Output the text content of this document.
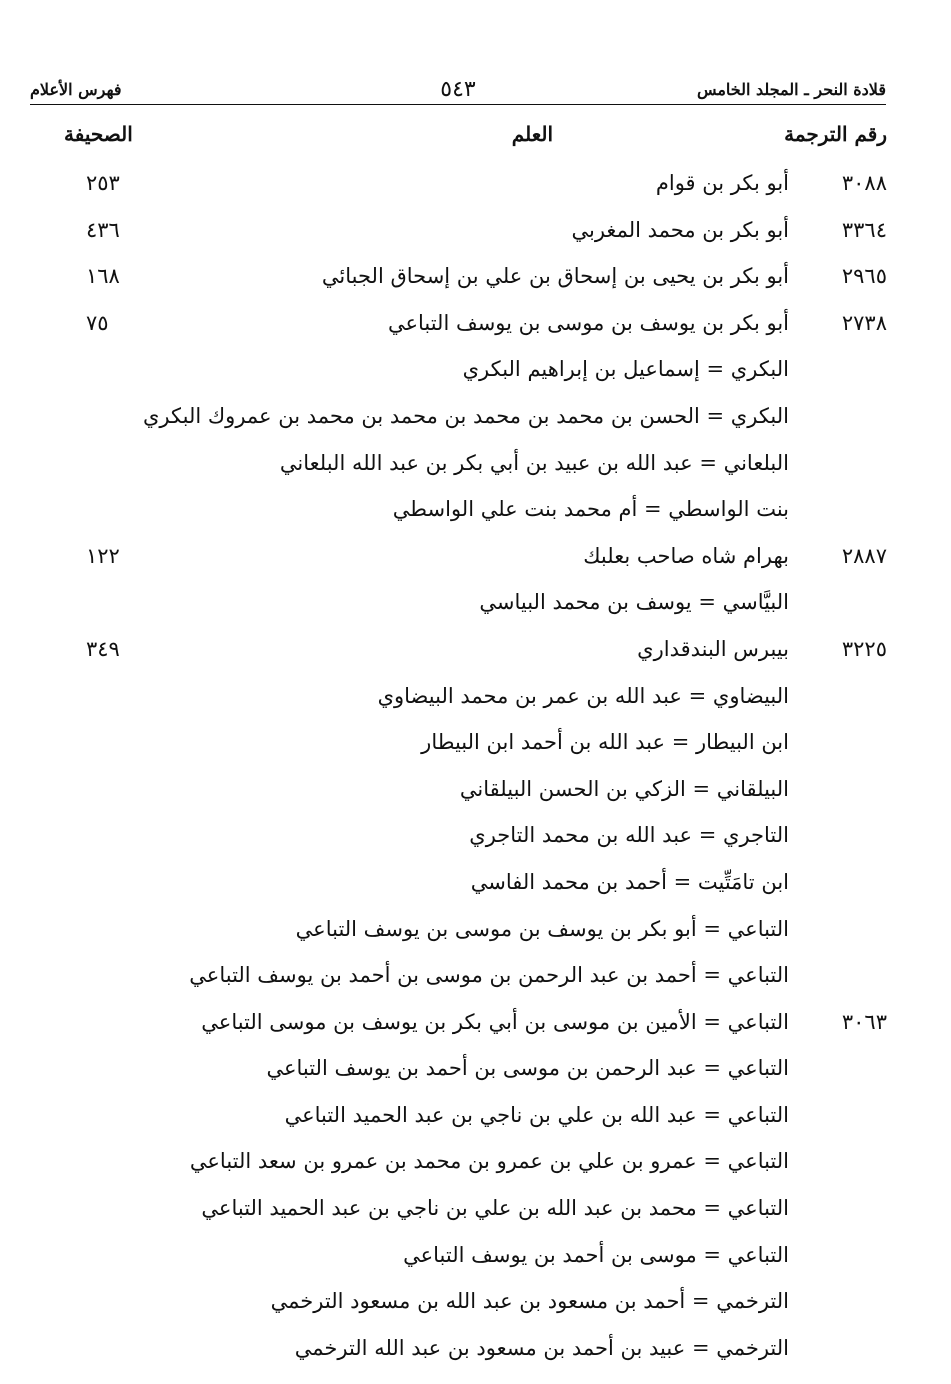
قلادة النحر ـ المجلد الخامس
٥٤٣
فهرس الأعلام
رقم الترجمة
العلم
الصحيفة
٣٠٨٨
أبو بكر بن قوام
٢٥٣
٣٣٦٤
أبو بكر بن محمد المغربي
٤٣٦
٢٩٦٥
أبو بكر بن يحيى بن إسحاق بن علي بن إسحاق الجبائي
١٦٨
٢٧٣٨
أبو بكر بن يوسف بن موسى بن يوسف التباعي
٧٥
البكري = إسماعيل بن إبراهيم البكري
البكري = الحسن بن محمد بن محمد بن محمد بن محمد بن عمروك البكري
البلعاني = عبد الله بن عبيد بن أبي بكر بن عبد الله البلعاني
بنت الواسطي = أم محمد بنت علي الواسطي
٢٨٨٧
بهرام شاه صاحب بعلبك
١٢٢
البيَّاسي = يوسف بن محمد البياسي
٣٢٢٥
بيبرس البندقداري
٣٤٩
البيضاوي = عبد الله بن عمر بن محمد البيضاوي
ابن البيطار = عبد الله بن أحمد ابن البيطار
البيلقاني = الزكي بن الحسن البيلقاني
التاجري = عبد الله بن محمد التاجري
ابن تامَتِّيت = أحمد بن محمد الفاسي
التباعي = أبو بكر بن يوسف بن موسى بن يوسف التباعي
التباعي = أحمد بن عبد الرحمن بن موسى بن أحمد بن يوسف التباعي
٣٠٦٣
التباعي = الأمين بن موسى بن أبي بكر بن يوسف بن موسى التباعي
التباعي = عبد الرحمن بن موسى بن أحمد بن يوسف التباعي
التباعي = عبد الله بن علي بن ناجي بن عبد الحميد التباعي
التباعي = عمرو بن علي بن عمرو بن محمد بن عمرو بن سعد التباعي
التباعي = محمد بن عبد الله بن علي بن ناجي بن عبد الحميد التباعي
التباعي = موسى بن أحمد بن يوسف التباعي
الترخمي = أحمد بن مسعود بن عبد الله بن مسعود الترخمي
الترخمي = عبيد بن أحمد بن مسعود بن عبد الله الترخمي
